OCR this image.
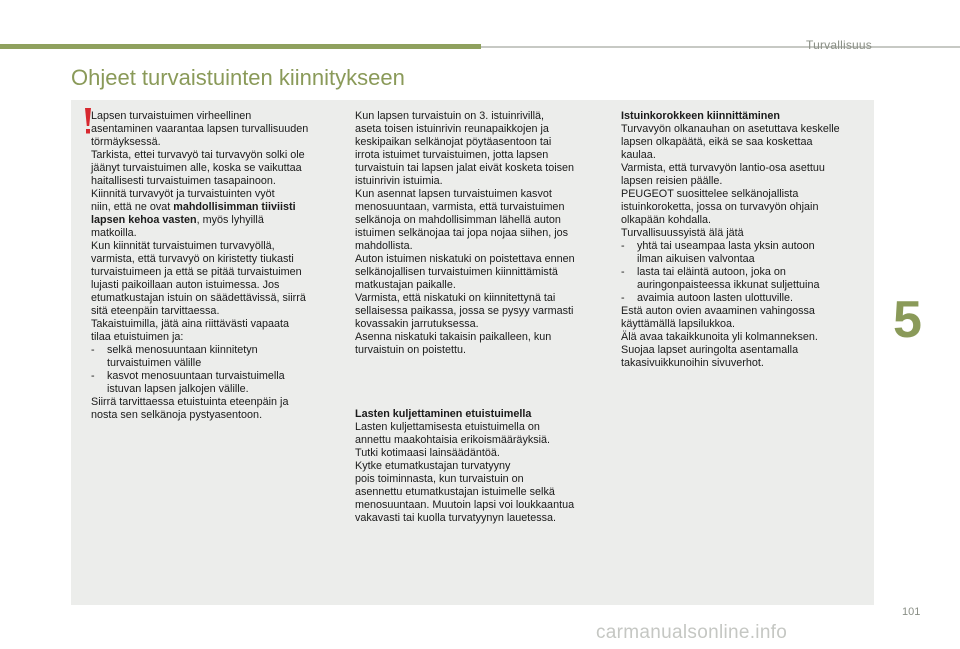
Turvallisuus
Ohjeet turvaistuinten kiinnitykseen

Lapsen turvaistuimen virheellinen

asentaminen vaarantaa lapsen turvallisuuden

törmäyksessä.

Tarkista, ettei turvavyö tai turvavyön solki ole

jäänyt turvaistuimen alle, koska se vaikuttaa

haitallisesti turvaistuimen tasapainoon.

Kiinnitä turvavyöt ja turvaistuinten vyöt

niin, että ne ovat mahdollisimman tiiviisti

lapsen kehoa vasten, myös lyhyillä

matkoilla.

Kun kiinnität turvaistuimen turvavyöllä,

varmista, että turvavyö on kiristetty tiukasti

turvaistuimeen ja että se pitää turvaistuimen

lujasti paikoillaan auton istuimessa. Jos

etumatkustajan istuin on säädettävissä, siirrä

sitä eteenpäin tarvittaessa.

Takaistuimilla, jätä aina riittävästi vapaata

tilaa etuistuimen ja:

-	selkä menosuuntaan kiinnitetyn

turvaistuimen välille

-	kasvot menosuuntaan turvaistuimella

istuvan lapsen jalkojen välille.

Siirrä tarvittaessa etuistuinta eteenpäin ja

nosta sen selkänoja pystyasentoon.

Kun lapsen turvaistuin on 3. istuinrivillä,

aseta toisen istuinrivin reunapaikkojen ja

keskipaikan selkänojat pöytäasentoon tai

irrota istuimet turvaistuimen, jotta lapsen

turvaistuin tai lapsen jalat eivät kosketa toisen

istuinrivin istuimia.

Kun asennat lapsen turvaistuimen kasvot

menosuuntaan, varmista, että turvaistuimen

selkänoja on mahdollisimman lähellä auton

istuimen selkänojaa tai jopa nojaa siihen, jos

mahdollista.

Auton istuimen niskatuki on poistettava ennen

selkänojallisen turvaistuimen kiinnittämistä

matkustajan paikalle.

Varmista, että niskatuki on kiinnitettynä tai

sellaisessa paikassa, jossa se pysyy varmasti

kovassakin jarrutuksessa.

Asenna niskatuki takaisin paikalleen, kun

turvaistuin on poistettu.

Lasten kuljettaminen etuistuimella

Lasten kuljettamisesta etuistuimella on

annettu maakohtaisia erikoismääräyksiä.

Tutki kotimaasi lainsäädäntöä.

Kytke etumatkustajan turvatyyny

pois toiminnasta, kun turvaistuin on

asennettu etumatkustajan istuimelle selkä

menosuuntaan. Muutoin lapsi voi loukkaantua

vakavasti tai kuolla turvatyynyn lauetessa.

Istuinkorokkeen kiinnittäminen

Turvavyön olkanauhan on asetuttava keskelle

lapsen olkapäätä, eikä se saa koskettaa

kaulaa.

Varmista, että turvavyön lantio-osa asettuu

lapsen reisien päälle.

PEUGEOT suosittelee selkänojallista

istuinkoroketta, jossa on turvavyön ohjain

olkapään kohdalla.

Turvallisuussyistä älä jätä

-	yhtä tai useampaa lasta yksin autoon

ilman aikuisen valvontaa

-	lasta tai eläintä autoon, joka on

auringonpaisteessa ikkunat suljettuina

-	avaimia autoon lasten ulottuville.

Estä auton ovien avaaminen vahingossa

käyttämällä lapsilukkoa.

Älä avaa takaikkunoita yli kolmanneksen.

Suojaa lapset auringolta asentamalla

takasivuikkunoihin sivuverhot.

5
101
carmanualsonline.info
